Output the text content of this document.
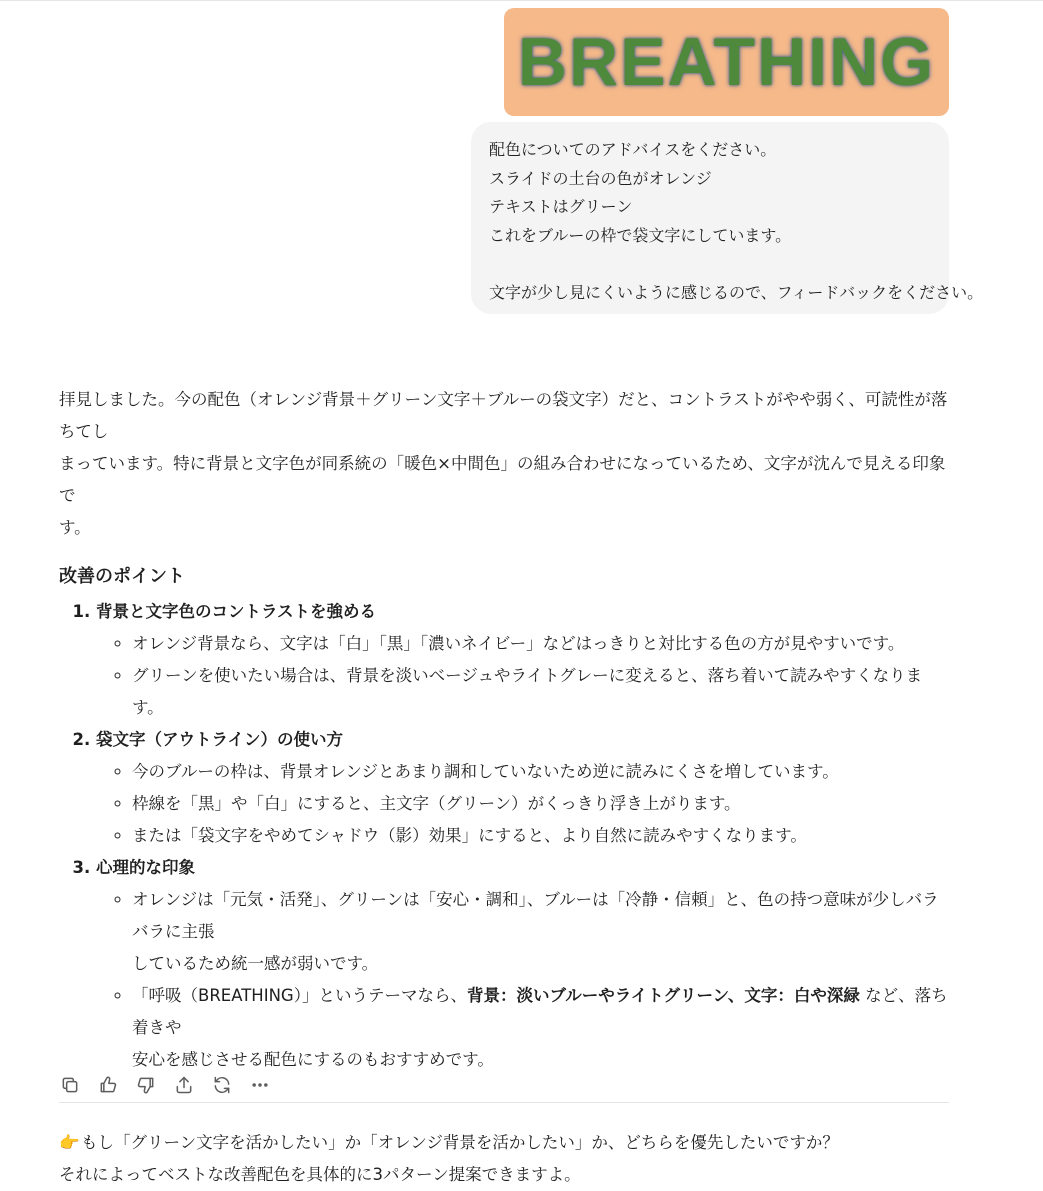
BREATHING
配色についてのアドバイスをください。
スライドの土台の色がオレンジ
テキストはグリーン
これをブルーの枠で袋文字にしています。
文字が少し見にくいように感じるので、フィードバックをください。
拝見しました。今の配色（オレンジ背景＋グリーン文字＋ブルーの袋文字）だと、コントラストがやや弱く、可読性が落ちてし
まっています。特に背景と文字色が同系統の「暖色×中間色」の組み合わせになっているため、文字が沈んで見える印象で
す。
改善のポイント
1. 背景と文字色のコントラストを強める
◦ オレンジ背景なら、文字は「白」「黒」「濃いネイビー」などはっきりと対比する色の方が見やすいです。
◦ グリーンを使いたい場合は、背景を淡いベージュやライトグレーに変えると、落ち着いて読みやすくなります。
2. 袋文字（アウトライン）の使い方
◦ 今のブルーの枠は、背景オレンジとあまり調和していないため逆に読みにくさを増しています。
◦ 枠線を「黒」や「白」にすると、主文字（グリーン）がくっきり浮き上がります。
◦ または「袋文字をやめてシャドウ（影）効果」にすると、より自然に読みやすくなります。
3. 心理的な印象
◦ オレンジは「元気・活発」、グリーンは「安心・調和」、ブルーは「冷静・信頼」と、色の持つ意味が少しバラバラに主張
しているため統一感が弱いです。
◦ 「呼吸（BREATHING）」というテーマなら、背景：淡いブルーやライトグリーン、文字：白や深緑 など、落ち着きや
安心を感じさせる配色にするのもおすすめです。
👉もし「グリーン文字を活かしたい」か「オレンジ背景を活かしたい」か、どちらを優先したいですか？
それによってベストな改善配色を具体的に3パターン提案できますよ。
